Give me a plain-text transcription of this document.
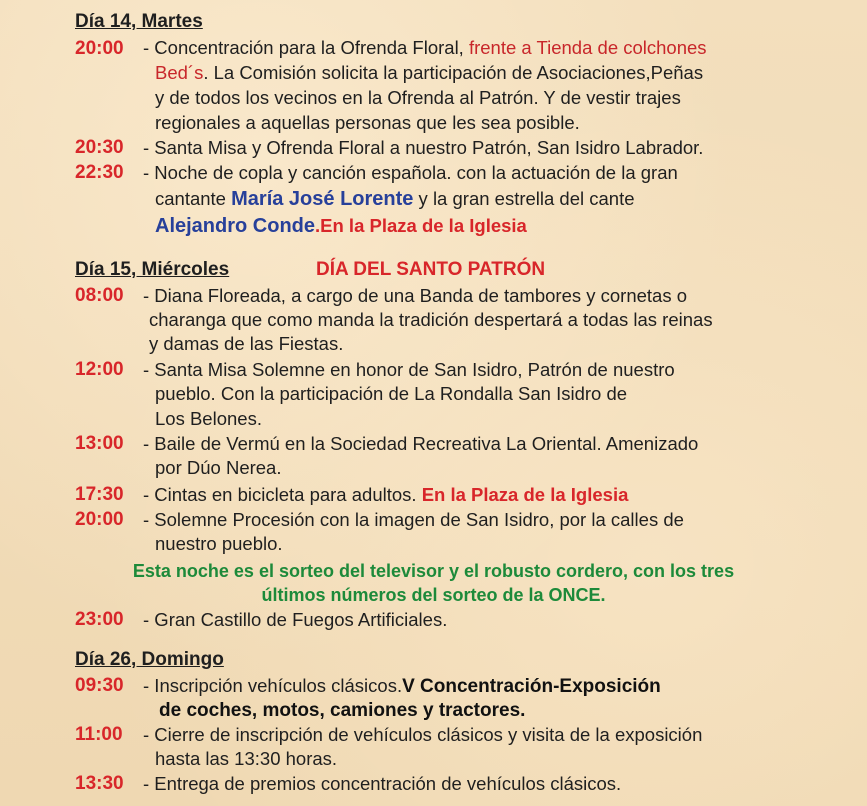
Día 14, Martes
20:00 - Concentración para la Ofrenda Floral, frente a Tienda de colchones
Bed´s. La Comisión solicita la participación de Asociaciones,Peñas
y de todos los vecinos en la Ofrenda al Patrón. Y de vestir trajes
regionales a aquellas personas que les sea posible.
20:30 - Santa Misa y Ofrenda Floral a nuestro Patrón, San Isidro Labrador.
22:30 - Noche de copla y canción española. con la actuación de la gran
cantante María José Lorente y la gran estrella del cante
Alejandro Conde.En la Plaza de la Iglesia
Día 15, Miércoles	DÍA DEL SANTO PATRÓN
08:00 - Diana Floreada, a cargo de una Banda de tambores y cornetas o
charanga que como manda la tradición despertará a todas las reinas
y damas de las Fiestas.
12:00 - Santa Misa Solemne en honor de San Isidro, Patrón de nuestro
pueblo. Con la participación de La Rondalla San Isidro de
Los Belones.
13:00 - Baile de Vermú en la Sociedad Recreativa La Oriental. Amenizado
por Dúo Nerea.
17:30 - Cintas en bicicleta para adultos. En la Plaza de la Iglesia
20:00 - Solemne Procesión con la imagen de San Isidro, por la calles de
nuestro pueblo.
Esta noche es el sorteo del televisor y el robusto cordero, con los tres
últimos números del sorteo de la ONCE.
23:00 - Gran Castillo de Fuegos Artificiales.
Día 26, Domingo
09:30 - Inscripción vehículos clásicos.V Concentración-Exposición
de coches, motos, camiones y tractores.
11:00 - Cierre de inscripción de vehículos clásicos y visita de la exposición
hasta las 13:30 horas.
13:30 - Entrega de premios concentración de vehículos clásicos.
